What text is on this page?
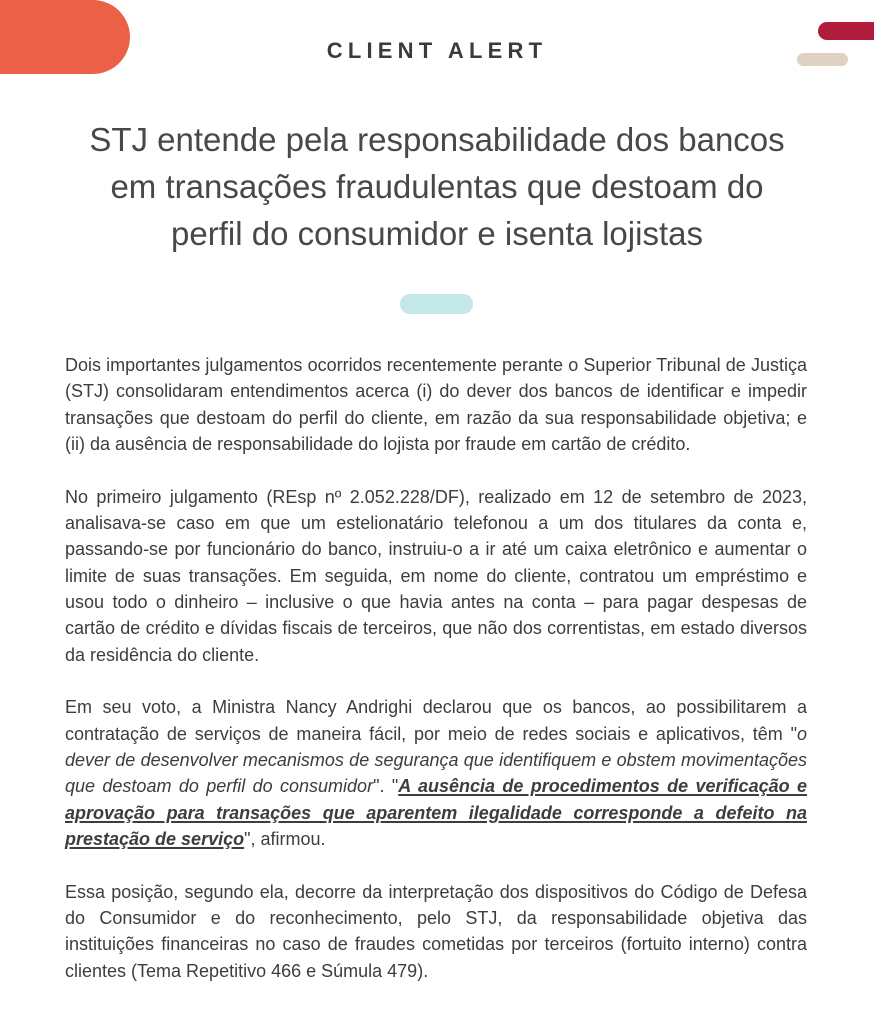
CLIENT ALERT

STJ entende pela responsabilidade dos bancos
em transações fraudulentas que destoam do
perfil do consumidor e isenta lojistas

Dois importantes julgamentos ocorridos recentemente perante o Superior Tribunal de Justiça (STJ) consolidaram entendimentos acerca (i) do dever dos bancos de identificar e impedir transações que destoam do perfil do cliente, em razão da sua responsabilidade objetiva; e (ii) da ausência de responsabilidade do lojista por fraude em cartão de crédito.

No primeiro julgamento (REsp nº 2.052.228/DF), realizado em 12 de setembro de 2023, analisava-se caso em que um estelionatário telefonou a um dos titulares da conta e, passando-se por funcionário do banco, instruiu-o a ir até um caixa eletrônico e aumentar o limite de suas transações. Em seguida, em nome do cliente, contratou um empréstimo e usou todo o dinheiro – inclusive o que havia antes na conta – para pagar despesas de cartão de crédito e dívidas fiscais de terceiros, que não dos correntistas, em estado diversos da residência do cliente.

Em seu voto, a Ministra Nancy Andrighi declarou que os bancos, ao possibilitarem a contratação de serviços de maneira fácil, por meio de redes sociais e aplicativos, têm "o dever de desenvolver mecanismos de segurança que identifiquem e obstem movimentações que destoam do perfil do consumidor". "A ausência de procedimentos de verificação e aprovação para transações que aparentem ilegalidade corresponde a defeito na prestação de serviço", afirmou.

Essa posição, segundo ela, decorre da interpretação dos dispositivos do Código de Defesa do Consumidor e do reconhecimento, pelo STJ, da responsabilidade objetiva das instituições financeiras no caso de fraudes cometidas por terceiros (fortuito interno) contra clientes (Tema Repetitivo 466 e Súmula 479).
